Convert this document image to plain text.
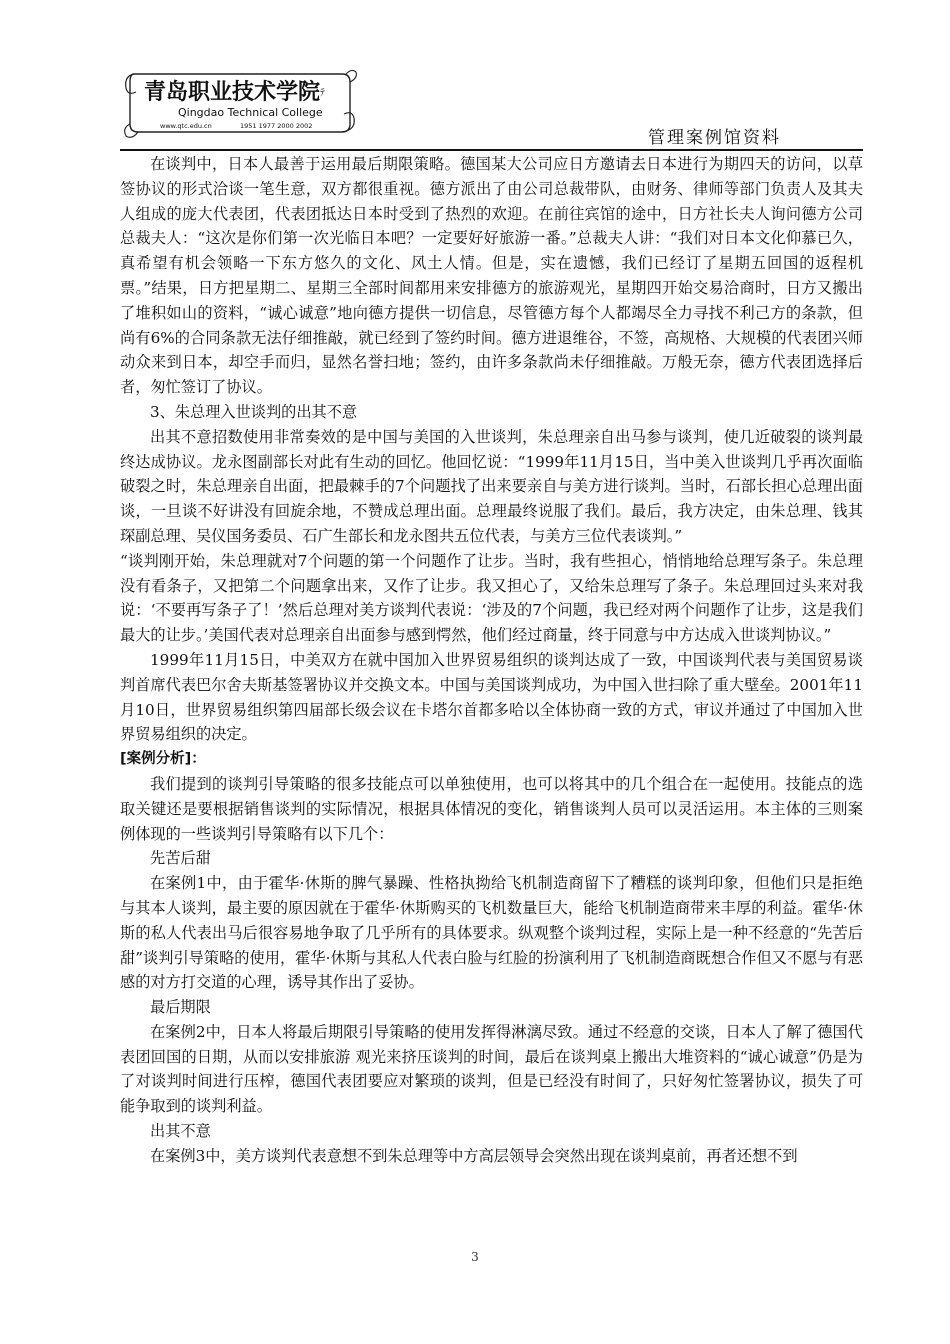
青岛职业技术学院 ﾃ
Qingdao Technical College
www.qtc.edu.cn	1951 1977 2000 2002
管理案例馆资料

在谈判中，日本人最善于运用最后期限策略。德国某大公司应日方邀请去日本进行为期四天的访问，以草签协议的形式洽谈一笔生意，双方都很重视。德方派出了由公司总裁带队，由财务、律师等部门负责人及其夫人组成的庞大代表团，代表团抵达日本时受到了热烈的欢迎。在前往宾馆的途中，日方社长夫人询问德方公司总裁夫人：“这次是你们第一次光临日本吧？一定要好好旅游一番。”总裁夫人讲：“我们对日本文化仰慕已久，真希望有机会领略一下东方悠久的文化、风土人情。但是，实在遗憾，我们已经订了星期五回国的返程机票。”结果，日方把星期二、星期三全部时间都用来安排德方的旅游观光，星期四开始交易洽商时，日方又搬出了堆积如山的资料，“诚心诚意”地向德方提供一切信息，尽管德方每个人都竭尽全力寻找不利己方的条款，但尚有6%的合同条款无法仔细推敲，就已经到了签约时间。德方进退维谷，不签，高规格、大规模的代表团兴师动众来到日本，却空手而归，显然名誉扫地；签约，由许多条款尚未仔细推敲。万般无奈，德方代表团选择后者，匆忙签订了协议。

3、朱总理入世谈判的出其不意

出其不意招数使用非常奏效的是中国与美国的入世谈判，朱总理亲自出马参与谈判，使几近破裂的谈判最终达成协议。龙永图副部长对此有生动的回忆。他回忆说：“1999年11月15日，当中美入世谈判几乎再次面临破裂之时，朱总理亲自出面，把最棘手的7个问题找了出来要亲自与美方进行谈判。当时，石部长担心总理出面谈，一旦谈不好讲没有回旋余地，不赞成总理出面。总理最终说服了我们。最后，我方决定，由朱总理、钱其琛副总理、吴仪国务委员、石广生部长和龙永图共五位代表，与美方三位代表谈判。”

“谈判刚开始，朱总理就对7个问题的第一个问题作了让步。当时，我有些担心，悄悄地给总理写条子。朱总理没有看条子，又把第二个问题拿出来，又作了让步。我又担心了，又给朱总理写了条子。朱总理回过头来对我说：‘不要再写条子了！’然后总理对美方谈判代表说：‘涉及的7个问题，我已经对两个问题作了让步，这是我们最大的让步。’美国代表对总理亲自出面参与感到愕然，他们经过商量，终于同意与中方达成入世谈判协议。”

1999年11月15日，中美双方在就中国加入世界贸易组织的谈判达成了一致，中国谈判代表与美国贸易谈判首席代表巴尔舍夫斯基签署协议并交换文本。中国与美国谈判成功，为中国入世扫除了重大壁垒。2001年11月10日，世界贸易组织第四届部长级会议在卡塔尔首都多哈以全体协商一致的方式，审议并通过了中国加入世界贸易组织的决定。

[案例分析]：

我们提到的谈判引导策略的很多技能点可以单独使用，也可以将其中的几个组合在一起使用。技能点的选取关键还是要根据销售谈判的实际情况，根据具体情况的变化，销售谈判人员可以灵活运用。本主体的三则案例体现的一些谈判引导策略有以下几个：

先苦后甜

在案例1中，由于霍华·休斯的脾气暴躁、性格执拗给飞机制造商留下了糟糕的谈判印象，但他们只是拒绝与其本人谈判，最主要的原因就在于霍华·休斯购买的飞机数量巨大，能给飞机制造商带来丰厚的利益。霍华·休斯的私人代表出马后很容易地争取了几乎所有的具体要求。纵观整个谈判过程，实际上是一种不经意的“先苦后甜”谈判引导策略的使用，霍华·休斯与其私人代表白脸与红脸的扮演利用了飞机制造商既想合作但又不愿与有恶感的对方打交道的心理，诱导其作出了妥协。

最后期限

在案例2中，日本人将最后期限引导策略的使用发挥得淋漓尽致。通过不经意的交谈，日本人了解了德国代表团回国的日期，从而以安排旅游 观光来挤压谈判的时间，最后在谈判桌上搬出大堆资料的“诚心诚意”仍是为了对谈判时间进行压榨，德国代表团要应对繁琐的谈判，但是已经没有时间了，只好匆忙签署协议，损失了可能争取到的谈判利益。

出其不意

在案例3中，美方谈判代表意想不到朱总理等中方高层领导会突然出现在谈判桌前，再者还想不到

3
